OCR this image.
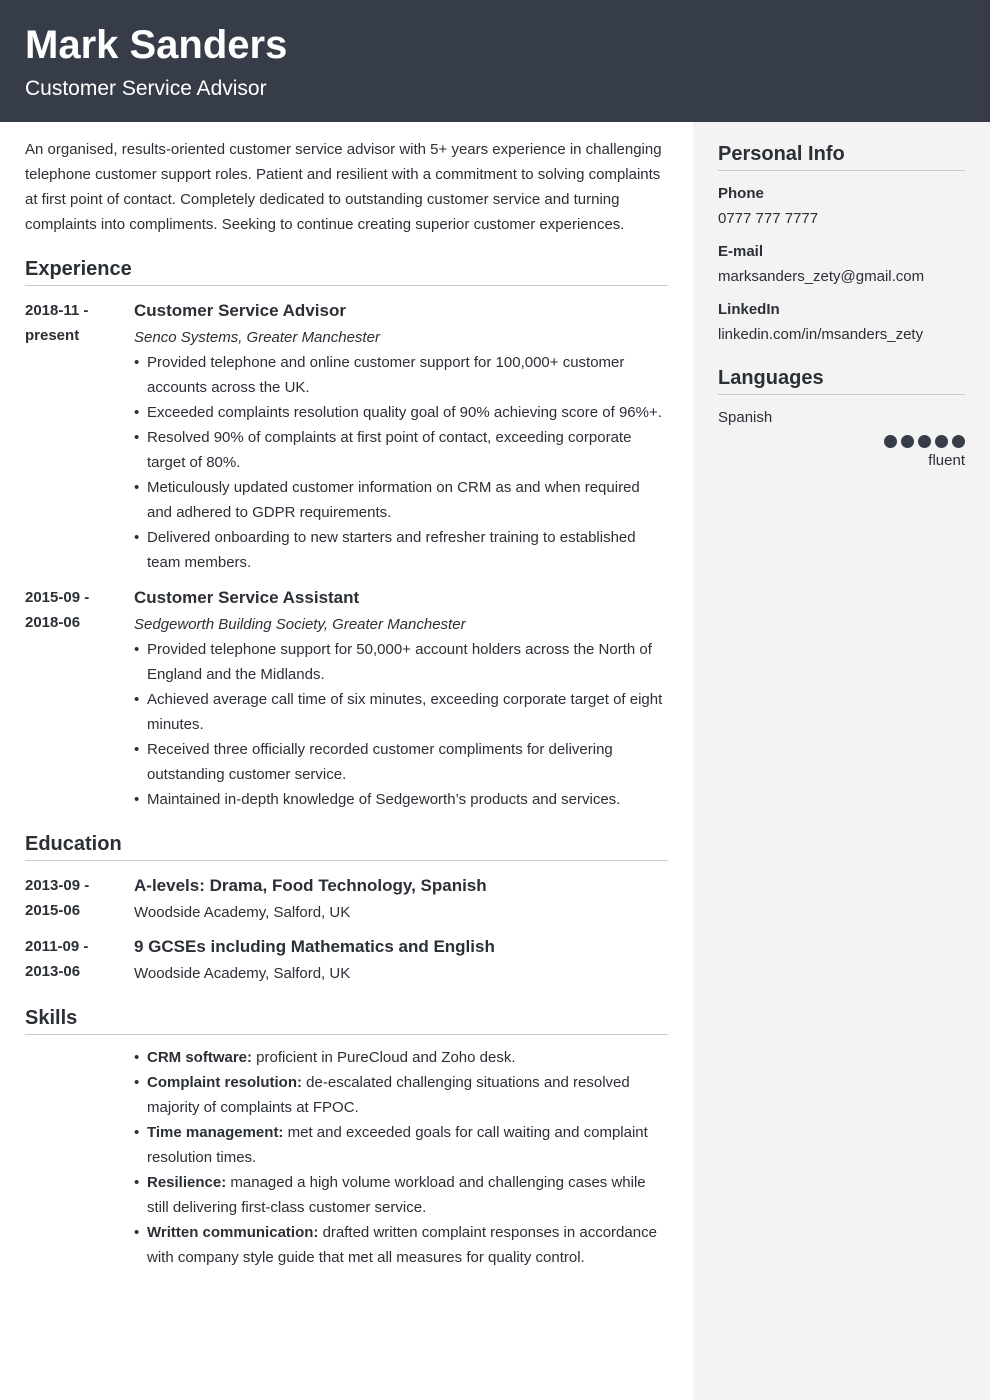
Mark Sanders
Customer Service Advisor

An organised, results-oriented customer service advisor with 5+ years experience in challenging telephone customer support roles. Patient and resilient with a commitment to solving complaints at first point of contact. Completely dedicated to outstanding customer service and turning complaints into compliments. Seeking to continue creating superior customer experiences.

Experience
2018-11 -
present
Customer Service Advisor
Senco Systems, Greater Manchester
• Provided telephone and online customer support for 100,000+ customer accounts across the UK.
• Exceeded complaints resolution quality goal of 90% achieving score of 96%+.
• Resolved 90% of complaints at first point of contact, exceeding corporate target of 80%.
• Meticulously updated customer information on CRM as and when required and adhered to GDPR requirements.
• Delivered onboarding to new starters and refresher training to established team members.
2015-09 -
2018-06
Customer Service Assistant
Sedgeworth Building Society, Greater Manchester
• Provided telephone support for 50,000+ account holders across the North of England and the Midlands.
• Achieved average call time of six minutes, exceeding corporate target of eight minutes.
• Received three officially recorded customer compliments for delivering outstanding customer service.
• Maintained in-depth knowledge of Sedgeworth’s products and services.
Education
2013-09 -
2015-06
A-levels: Drama, Food Technology, Spanish
Woodside Academy, Salford, UK
2011-09 -
2013-06
9 GCSEs including Mathematics and English
Woodside Academy, Salford, UK
Skills
• CRM software: proficient in PureCloud and Zoho desk.
• Complaint resolution: de-escalated challenging situations and resolved majority of complaints at FPOC.
• Time management: met and exceeded goals for call waiting and complaint resolution times.
• Resilience: managed a high volume workload and challenging cases while still delivering first-class customer service.
• Written communication: drafted written complaint responses in accordance with company style guide that met all measures for quality control.
Personal Info
Phone
0777 777 7777
E-mail
marksanders_zety@gmail.com
LinkedIn
linkedin.com/in/msanders_zety
Languages
Spanish
fluent
